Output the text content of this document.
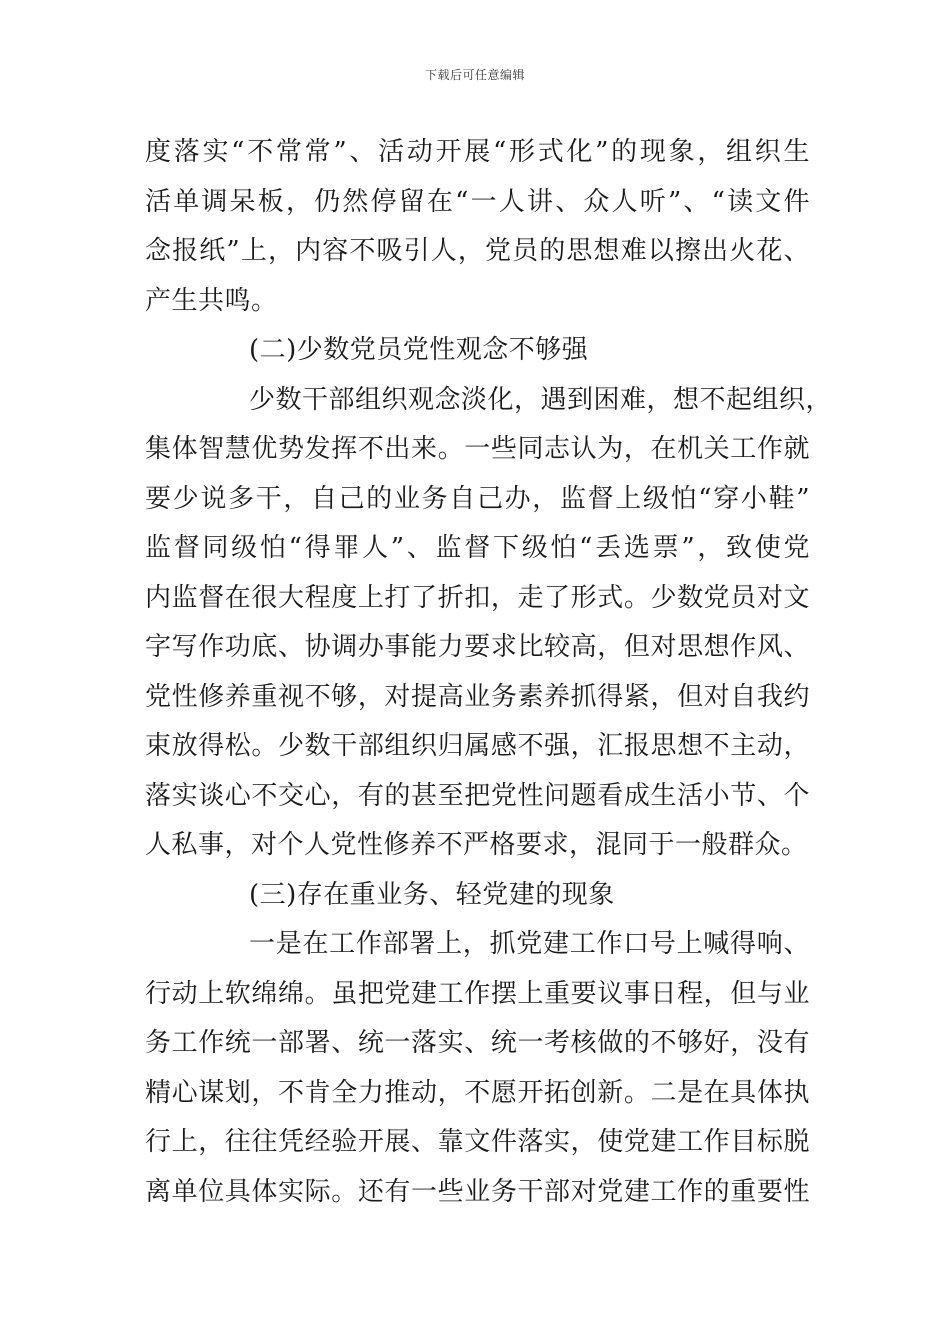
下载后可任意编辑
度落实“不常常”、活动开展“形式化”的现象，组织生
活单调呆板，仍然停留在“一人讲、众人听”、“读文件
念报纸”上，内容不吸引人，党员的思想难以擦出火花、
产生共鸣。
(二)少数党员党性观念不够强
少数干部组织观念淡化，遇到困难，想不起组织，
集体智慧优势发挥不出来。一些同志认为，在机关工作就
要少说多干，自己的业务自己办，监督上级怕“穿小鞋”
监督同级怕“得罪人”、监督下级怕“丢选票”，致使党
内监督在很大程度上打了折扣，走了形式。少数党员对文
字写作功底、协调办事能力要求比较高，但对思想作风、
党性修养重视不够，对提高业务素养抓得紧，但对自我约
束放得松。少数干部组织归属感不强，汇报思想不主动，
落实谈心不交心，有的甚至把党性问题看成生活小节、个
人私事，对个人党性修养不严格要求，混同于一般群众。
(三)存在重业务、轻党建的现象
一是在工作部署上，抓党建工作口号上喊得响、
行动上软绵绵。虽把党建工作摆上重要议事日程，但与业
务工作统一部署、统一落实、统一考核做的不够好，没有
精心谋划，不肯全力推动，不愿开拓创新。二是在具体执
行上，往往凭经验开展、靠文件落实，使党建工作目标脱
离单位具体实际。还有一些业务干部对党建工作的重要性
